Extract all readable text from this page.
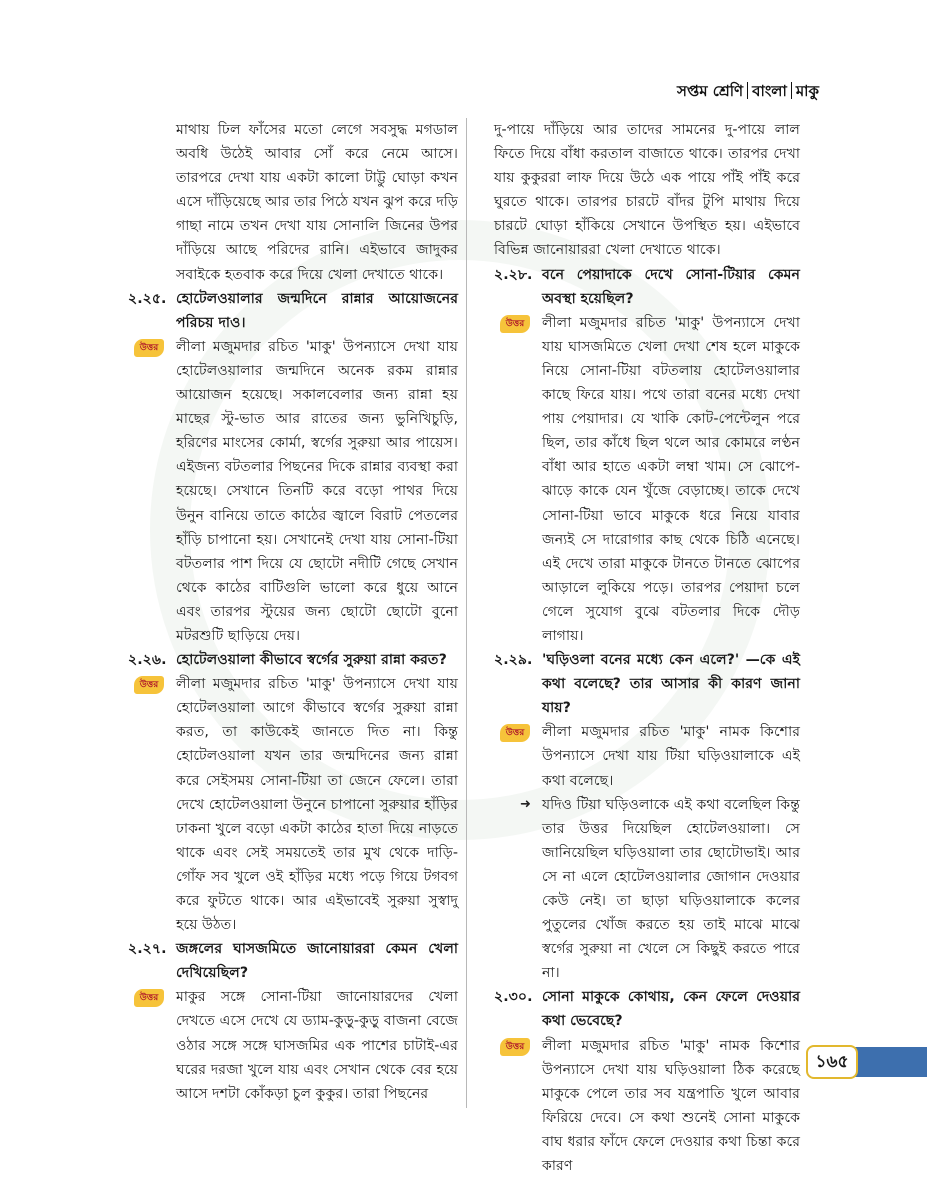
সপ্তম শ্রেণি বাংলা মাকু

মাথায় ঢিল ফাঁসের মতো লেগে সবসুদ্ধ মগডাল অবধি উঠেই আবার সোঁ করে নেমে আসে। তারপরে দেখা যায় একটা কালো টাট্টু ঘোড়া কখন এসে দাঁড়িয়েছে আর তার পিঠে যখন ঝুপ করে দড়ি গাছা নামে তখন দেখা যায় সোনালি জিনের উপর দাঁড়িয়ে আছে পরিদের রানি। এইভাবে জাদুকর সবাইকে হতবাক করে দিয়ে খেলা দেখাতে থাকে।

২.২৫. হোটেলওয়ালার জন্মদিনে রান্নার আয়োজনের পরিচয় দাও।
উত্তর	লীলা মজুমদার রচিত 'মাকু' উপন্যাসে দেখা যায় হোটেলওয়ালার জন্মদিনে অনেক রকম রান্নার আয়োজন হয়েছে। সকালবেলার জন্য রান্না হয় মাছের স্টু-ভাত আর রাতের জন্য ভুনিখিচুড়ি, হরিণের মাংসের কোর্মা, স্বর্গের সুরুয়া আর পায়েস। এইজন্য বটতলার পিছনের দিকে রান্নার ব্যবস্থা করা হয়েছে। সেখানে তিনটি করে বড়ো পাথর দিয়ে উনুন বানিয়ে তাতে কাঠের জ্বালে বিরাট পেতলের হাঁড়ি চাপানো হয়। সেখানেই দেখা যায় সোনা-টিয়া বটতলার পাশ দিয়ে যে ছোটো নদীটি গেছে সেখান থেকে কাঠের বাটিগুলি ভালো করে ধুয়ে আনে এবং তারপর স্টুয়ের জন্য ছোটো ছোটো বুনো মটরশুটি ছাড়িয়ে দেয়।
২.২৬. হোটেলওয়ালা কীভাবে স্বর্গের সুরুয়া রান্না করত?
উত্তর	লীলা মজুমদার রচিত 'মাকু' উপন্যাসে দেখা যায় হোটেলওয়ালা আগে কীভাবে স্বর্গের সুরুয়া রান্না করত, তা কাউকেই জানতে দিত না। কিন্তু হোটেলওয়ালা যখন তার জন্মদিনের জন্য রান্না করে সেইসময় সোনা-টিয়া তা জেনে ফেলে। তারা দেখে হোটেলওয়ালা উনুনে চাপানো সুরুয়ার হাঁড়ির ঢাকনা খুলে বড়ো একটা কাঠের হাতা দিয়ে নাড়তে থাকে এবং সেই সময়তেই তার মুখ থেকে দাড়ি-গোঁফ সব খুলে ওই হাঁড়ির মধ্যে পড়ে গিয়ে টগবগ করে ফুটতে থাকে। আর এইভাবেই সুরুয়া সুস্বাদু হয়ে উঠত।
২.২৭. জঙ্গলের ঘাসজমিতে জানোয়াররা কেমন খেলা দেখিয়েছিল?
উত্তর	মাকুর সঙ্গে সোনা-টিয়া জানোয়ারদের খেলা দেখতে এসে দেখে যে ড্যাম-কুড়ু-কুড়ু বাজনা বেজে ওঠার সঙ্গে সঙ্গে ঘাসজমির এক পাশের চাটাই-এর ঘরের দরজা খুলে যায় এবং সেখান থেকে বের হয়ে আসে দশটা কোঁকড়া চুল কুকুর। তারা পিছনের

দু-পায়ে দাঁড়িয়ে আর তাদের সামনের দু-পায়ে লাল ফিতে দিয়ে বাঁধা করতাল বাজাতে থাকে। তারপর দেখা যায় কুকুররা লাফ দিয়ে উঠে এক পায়ে পাঁই পাঁই করে ঘুরতে থাকে। তারপর চারটে বাঁদর টুপি মাথায় দিয়ে চারটে ঘোড়া হাঁকিয়ে সেখানে উপস্থিত হয়। এইভাবে বিভিন্ন জানোয়াররা খেলা দেখাতে থাকে।

২.২৮. বনে পেয়াদাকে দেখে সোনা-টিয়ার কেমন অবস্থা হয়েছিল?
উত্তর	লীলা মজুমদার রচিত 'মাকু' উপন্যাসে দেখা যায় ঘাসজমিতে খেলা দেখা শেষ হলে মাকুকে নিয়ে সোনা-টিয়া বটতলায় হোটেলওয়ালার কাছে ফিরে যায়। পথে তারা বনের মধ্যে দেখা পায় পেয়াদার। যে খাকি কোট-পেন্টেলুন পরে ছিল, তার কাঁধে ছিল থলে আর কোমরে লণ্ঠন বাঁধা আর হাতে একটা লম্বা খাম। সে ঝোপে-ঝাড়ে কাকে যেন খুঁজে বেড়াচ্ছে। তাকে দেখে সোনা-টিয়া ভাবে মাকুকে ধরে নিয়ে যাবার জন্যই সে দারোগার কাছ থেকে চিঠি এনেছে। এই দেখে তারা মাকুকে টানতে টানতে ঝোপের আড়ালে লুকিয়ে পড়ে। তারপর পেয়াদা চলে গেলে সুযোগ বুঝে বটতলার দিকে দৌড় লাগায়।
২.২৯. 'ঘড়িওলা বনের মধ্যে কেন এলে?' —কে এই কথা বলেছে? তার আসার কী কারণ জানা যায়?
উত্তর	লীলা মজুমদার রচিত 'মাকু' নামক কিশোর উপন্যাসে দেখা যায় টিয়া ঘড়িওয়ালাকে এই কথা বলেছে।
➜ যদিও টিয়া ঘড়িওলাকে এই কথা বলেছিল কিন্তু তার উত্তর দিয়েছিল হোটেলওয়ালা। সে জানিয়েছিল ঘড়িওয়ালা তার ছোটোভাই। আর সে না এলে হোটেলওয়ালার জোগান দেওয়ার কেউ নেই। তা ছাড়া ঘড়িওয়ালাকে কলের পুতুলের খোঁজ করতে হয় তাই মাঝে মাঝে স্বর্গের সুরুয়া না খেলে সে কিছুই করতে পারে না।
২.৩০. সোনা মাকুকে কোথায়, কেন ফেলে দেওয়ার কথা ভেবেছে?
উত্তর	লীলা মজুমদার রচিত 'মাকু' নামক কিশোর উপন্যাসে দেখা যায় ঘড়িওয়ালা ঠিক করেছে মাকুকে পেলে তার সব যন্ত্রপাতি খুলে আবার ফিরিয়ে দেবে। সে কথা শুনেই সোনা মাকুকে বাঘ ধরার ফাঁদে ফেলে দেওয়ার কথা চিন্তা করে কারণ
১৬৫
